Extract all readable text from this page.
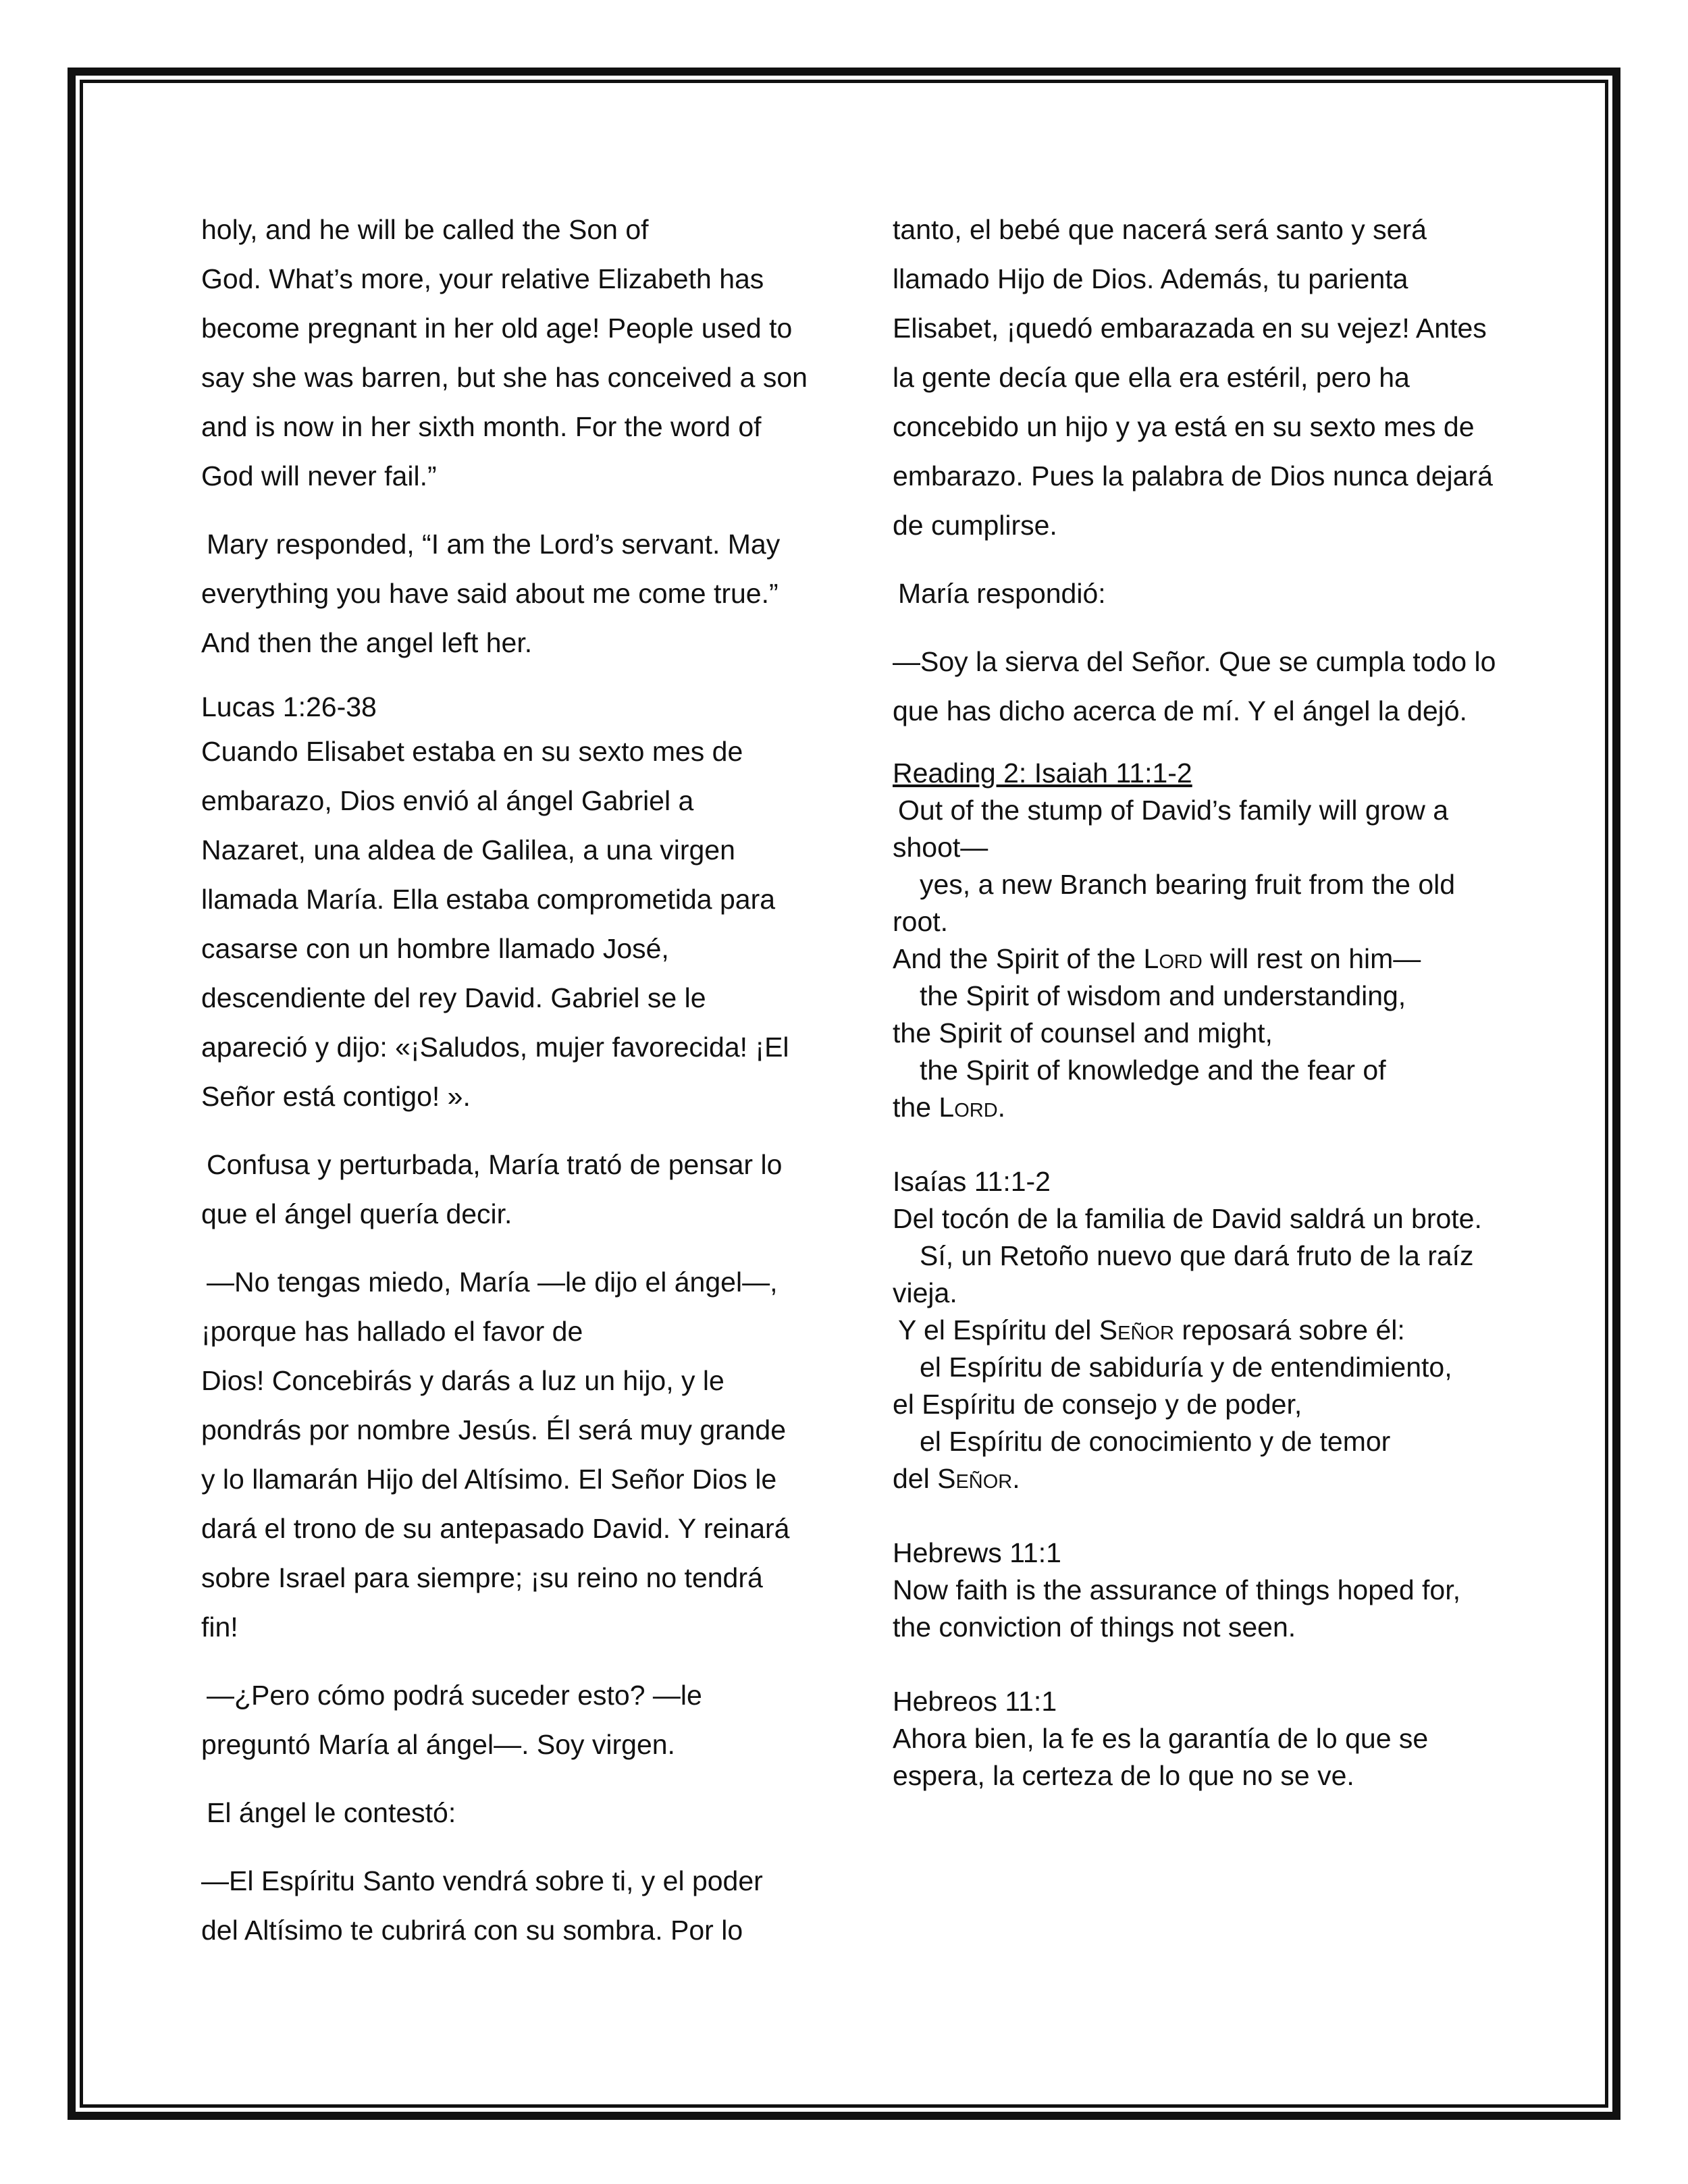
holy, and he will be called the Son of
God. What’s more, your relative Elizabeth has
become pregnant in her old age! People used to
say she was barren, but she has conceived a son
and is now in her sixth month. For the word of
God will never fail.”
Mary responded, “I am the Lord’s servant. May
everything you have said about me come true.”
And then the angel left her.
Lucas 1:26-38
Cuando Elisabet estaba en su sexto mes de
embarazo, Dios envió al ángel Gabriel a
Nazaret, una aldea de Galilea, a una virgen
llamada María. Ella estaba comprometida para
casarse con un hombre llamado José,
descendiente del rey David. Gabriel se le
apareció y dijo: «¡Saludos, mujer favorecida! ¡El
Señor está contigo! ».
Confusa y perturbada, María trató de pensar lo
que el ángel quería decir.
—No tengas miedo, María —le dijo el ángel—,
¡porque has hallado el favor de
Dios! Concebirás y darás a luz un hijo, y le
pondrás por nombre Jesús. Él será muy grande
y lo llamarán Hijo del Altísimo. El Señor Dios le
dará el trono de su antepasado David. Y reinará
sobre Israel para siempre; ¡su reino no tendrá
fin!
—¿Pero cómo podrá suceder esto? —le
preguntó María al ángel—. Soy virgen.
El ángel le contestó:
—El Espíritu Santo vendrá sobre ti, y el poder
del Altísimo te cubrirá con su sombra. Por lo
tanto, el bebé que nacerá será santo y será
llamado Hijo de Dios. Además, tu parienta
Elisabet, ¡quedó embarazada en su vejez! Antes
la gente decía que ella era estéril, pero ha
concebido un hijo y ya está en su sexto mes de
embarazo. Pues la palabra de Dios nunca dejará
de cumplirse.
María respondió:
—Soy la sierva del Señor. Que se cumpla todo lo
que has dicho acerca de mí. Y el ángel la dejó.
Reading 2: Isaiah 11:1-2
Out of the stump of David’s family will grow a
shoot—
yes, a new Branch bearing fruit from the old
root.
And the Spirit of the Lord will rest on him—
the Spirit of wisdom and understanding,
the Spirit of counsel and might,
the Spirit of knowledge and the fear of
the Lord.
Isaías 11:1-2
Del tocón de la familia de David saldrá un brote.
Sí, un Retoño nuevo que dará fruto de la raíz
vieja.
Y el Espíritu del Señor reposará sobre él:
el Espíritu de sabiduría y de entendimiento,
el Espíritu de consejo y de poder,
el Espíritu de conocimiento y de temor
del Señor.
Hebrews 11:1
Now faith is the assurance of things hoped for,
the conviction of things not seen.
Hebreos 11:1
Ahora bien, la fe es la garantía de lo que se
espera, la certeza de lo que no se ve.
